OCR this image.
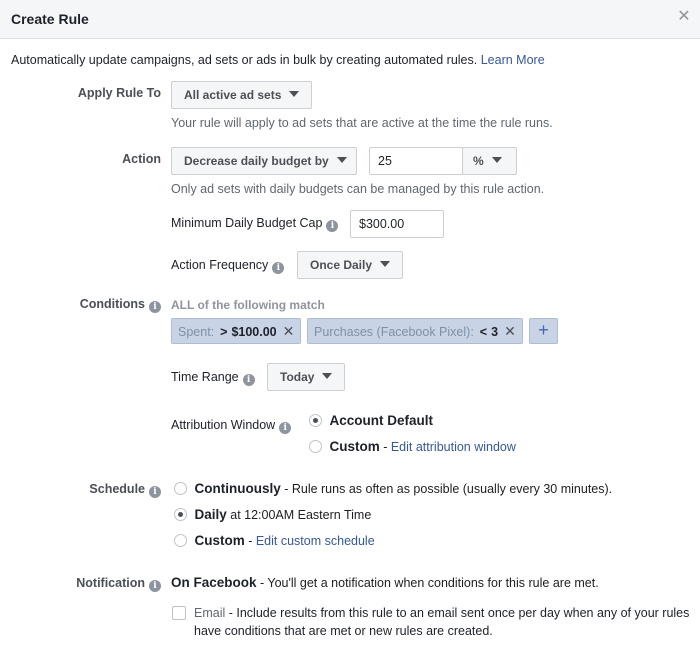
Create Rule	✕
Automatically update campaigns, ad sets or ads in bulk by creating automated rules. Learn More
Apply Rule To	All active ad sets
Your rule will apply to ad sets that are active at the time the rule runs.
Action	Decrease daily budget by	25	%
Only ad sets with daily budgets can be managed by this rule action.
Minimum Daily Budget Cap i	$300.00
Action Frequency i	Once Daily
Conditions i	ALL of the following match
Spent: > $100.00 ✕	Purchases (Facebook Pixel): < 3 ✕	+
Time Range i	Today
Attribution Window i	Account Default
Custom - Edit attribution window
Schedule i	Continuously - Rule runs as often as possible (usually every 30 minutes).
Daily at 12:00AM Eastern Time
Custom - Edit custom schedule
Notification i	On Facebook - You'll get a notification when conditions for this rule are met.
Email - Include results from this rule to an email sent once per day when any of your rules
have conditions that are met or new rules are created.
